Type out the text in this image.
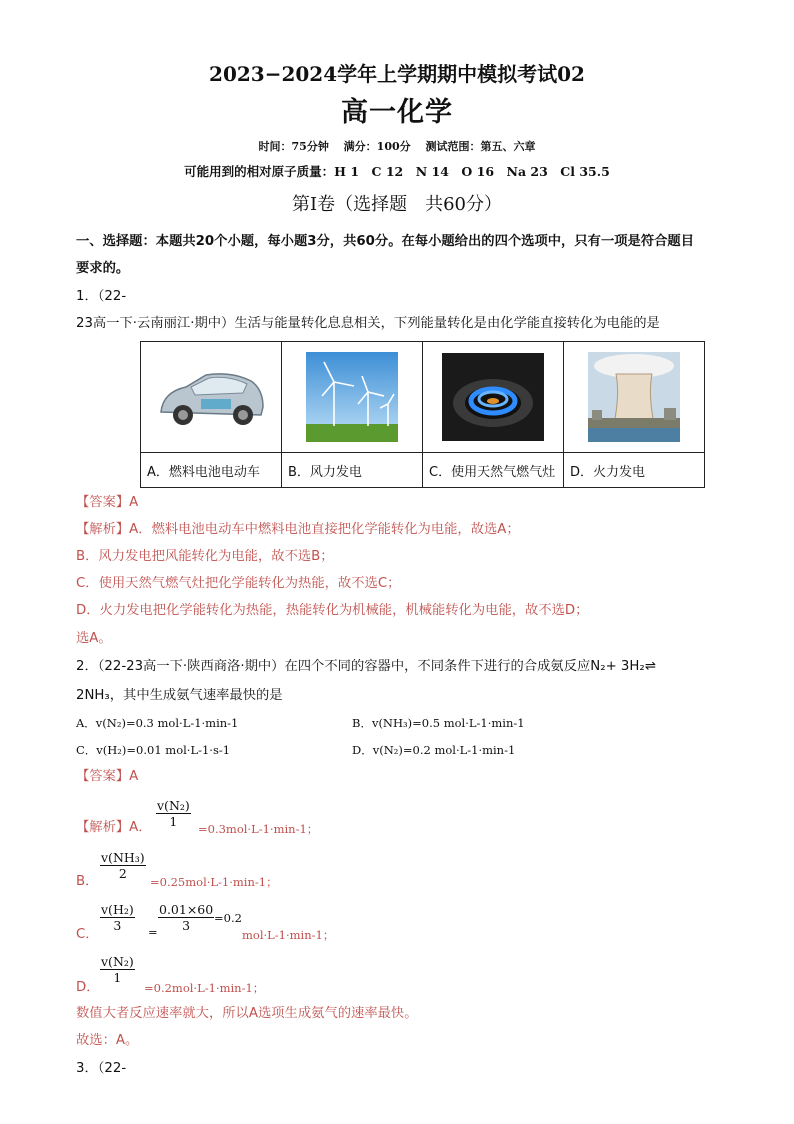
2023−2024学年上学期期中模拟考试02
高一化学
时间：75分钟　 满分：100分　 测试范围：第五、六章
可能用到的相对原子质量：H 1　C 12　N 14　O 16　Na 23　Cl 35.5
第Ⅰ卷（选择题　共60分）
一、选择题：本题共20个小题，每小题3分，共60分。在每小题给出的四个选项中，只有一项是符合题目
要求的。
1．（22-
23高一下·云南丽江·期中）生活与能量转化息息相关，下列能量转化是由化学能直接转化为电能的是

A．燃料电池电动车	B．风力发电	C．使用天然气燃气灶	D．火力发电
【答案】A
【解析】A．燃料电池电动车中燃料电池直接把化学能转化为电能，故选A；
B．风力发电把风能转化为电能，故不选B；
C．使用天然气燃气灶把化学能转化为热能，故不选C；
D．火力发电把化学能转化为热能，热能转化为机械能，机械能转化为电能，故不选D；
选A。
2．（22-23高一下·陕西商洛·期中）在四个不同的容器中，不同条件下进行的合成氨反应N₂+ 3H₂⇌
2NH₃，其中生成氨气速率最快的是
A．v(N₂)=0.3 mol·L-1·min-1	B．v(NH₃)=0.5 mol·L-1·min-1
C．v(H₂)=0.01 mol·L-1·s-1	D．v(N₂)=0.2 mol·L-1·min-1
【答案】A
【解析】A． $\frac{\text{v(N₂)}}{1} =0.3mol\cdot L-1\cdot\min-1$；
B．
$\frac{\text{v(NH₃)}}{2}$
=0.25mol·L-1·min-1；
C．
$\frac{\text{v(H₂)}}{3} = \frac{0.01\times 60}{3} =0.2$
mol·L-1·min-1；
D．
$\frac{\text{v(N₂)}}{1}$
=0.2mol·L-1·min-1；
数值大者反应速率就大，所以A选项生成氨气的速率最快。
故选：A。
3．（22-
